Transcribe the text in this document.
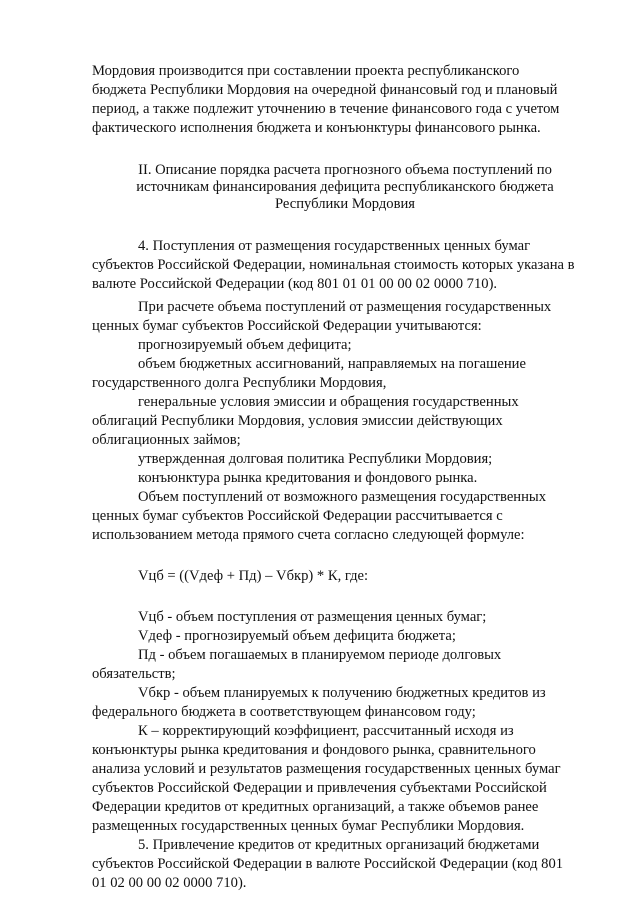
Мордовия производится при составлении проекта республиканского
бюджета Республики Мордовия на очередной финансовый год и плановый
период, а также подлежит уточнению в течение финансового года с учетом
фактического исполнения бюджета и конъюнктуры финансового рынка.

II. Описание порядка расчета прогнозного объема поступлений по
источникам финансирования дефицита республиканского бюджета
Республики Мордовия

4. Поступления от размещения государственных ценных бумаг
субъектов Российской Федерации, номинальная стоимость которых указана в
валюте Российской Федерации (код 801 01 01 00 00 02 0000 710).

При расчете объема поступлений от размещения государственных
ценных бумаг субъектов Российской Федерации учитываются:

прогнозируемый объем дефицита;

объем бюджетных ассигнований, направляемых на погашение
государственного долга Республики Мордовия,

генеральные условия эмиссии и обращения государственных
облигаций Республики Мордовия, условия эмиссии действующих
облигационных займов;

утвержденная долговая политика Республики Мордовия;

конъюнктура рынка кредитования и фондового рынка.

Объем поступлений от возможного размещения государственных
ценных бумаг субъектов Российской Федерации рассчитывается с
использованием метода прямого счета согласно следующей формуле:

Vцб = ((Vдеф + Пд) – Vбкр) * К, где:

Vцб - объем поступления от размещения ценных бумаг;

Vдеф - прогнозируемый объем дефицита бюджета;

Пд - объем погашаемых в планируемом периоде долговых
обязательств;

Vбкр - объем планируемых к получению бюджетных кредитов из
федерального бюджета в соответствующем финансовом году;

К – корректирующий коэффициент, рассчитанный исходя из
конъюнктуры рынка кредитования и фондового рынка, сравнительного
анализа условий и результатов размещения государственных ценных бумаг
субъектов Российской Федерации и привлечения субъектами Российской
Федерации кредитов от кредитных организаций, а также объемов ранее
размещенных государственных ценных бумаг Республики Мордовия.

5. Привлечение кредитов от кредитных организаций бюджетами
субъектов Российской Федерации в валюте Российской Федерации (код 801
01 02 00 00 02 0000 710).
